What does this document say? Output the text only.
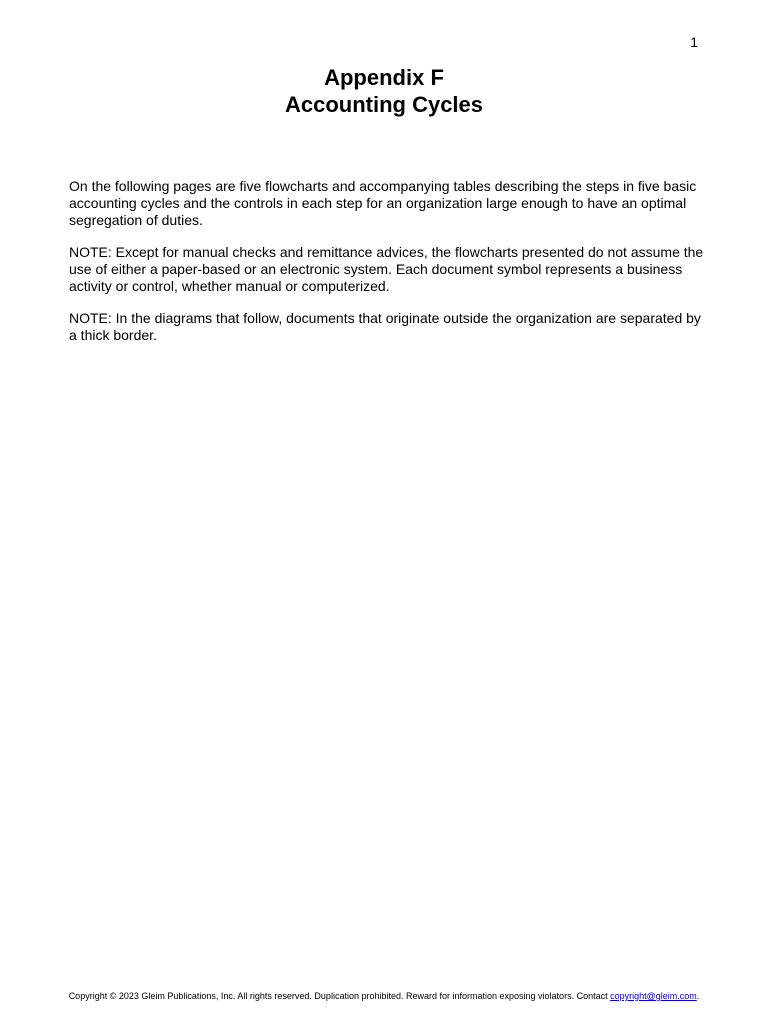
1

Appendix F

Accounting Cycles

On the following pages are five flowcharts and accompanying tables describing the steps in five basic accounting cycles and the controls in each step for an organization large enough to have an optimal segregation of duties.

NOTE: Except for manual checks and remittance advices, the flowcharts presented do not assume the use of either a paper-based or an electronic system. Each document symbol represents a business activity or control, whether manual or computerized.

NOTE: In the diagrams that follow, documents that originate outside the organization are separated by a thick border.

Copyright © 2023 Gleim Publications, Inc. All rights reserved. Duplication prohibited. Reward for information exposing violators. Contact copyright@gleim.com.
